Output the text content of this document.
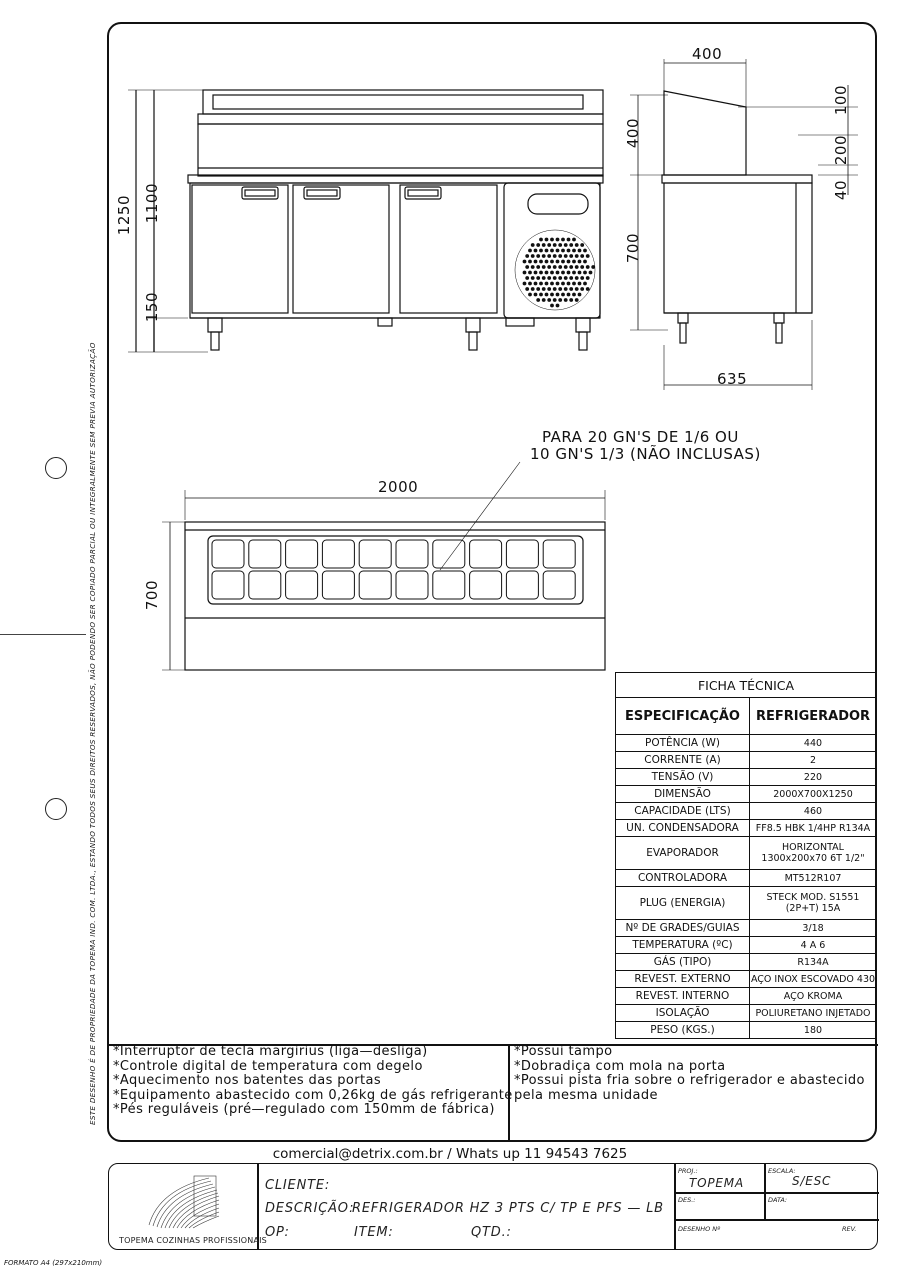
ESTE DESENHO É DE PROPRIEDADE DA TOPEMA IND. COM. LTDA., ESTANDO TODOS SEUS DIREITOS RESERVADOS, NÃO PODENDO SER COPIADO PARCIAL OU INTEGRALMENTE SEM PREVIA AUTORIZAÇÃO
FORMATO A4 (297x210mm)
1250 1100
150
400
400
700
100
200
40
635
PARA 20 GN'S DE 1/6 OU
10 GN'S 1/3 (NÃO INCLUSAS)
2000
700
FICHA TÉCNICA	
ESPECIFICAÇÃO	REFRIGERADOR
POTÊNCIA (W)	440
CORRENTE (A)	2
TENSÃO (V)	220
DIMENSÃO	2000X700X1250
CAPACIDADE (LTS)	460
UN. CONDENSADORA	FF8.5 HBK 1/4HP R134A
EVAPORADOR	HORIZONTAL 1300x200x70 6T 1/2"
CONTROLADORA	MT512R107
PLUG (ENERGIA)	STECK MOD. S1551 (2P+T) 15A
Nº DE GRADES/GUIAS	3/18
TEMPERATURA (ºC)	4 A 6
GÁS (TIPO)	R134A
REVEST. EXTERNO	AÇO INOX ESCOVADO 430
REVEST. INTERNO	AÇO KROMA
ISOLAÇÃO	POLIURETANO INJETADO
PESO (KGS.)	180
*Interruptor de tecla margirius (liga—desliga)
*Controle digital de temperatura com degelo
*Aquecimento nos batentes das portas
*Equipamento abastecido com 0,26kg de gás refrigerante
*Pés reguláveis (pré—regulado com 150mm de fábrica)
*Possui tampo
*Dobradiça com mola na porta
*Possui pista fria sobre o refrigerador e abastecido
pela mesma unidade
comercial@detrix.com.br / Whats up 11 94543 7625
TOPEMA COZINHAS PROFISSIONAIS
CLIENTE:
DESCRIÇÃO:
REFRIGERADOR HZ 3 PTS C/ TP E PFS — LB
OP:	ITEM:	QTD.:
PROJ.:
TOPEMA
ESCALA:
S/ESC
DES.:	DATA:
DESENHO Nº	REV.
